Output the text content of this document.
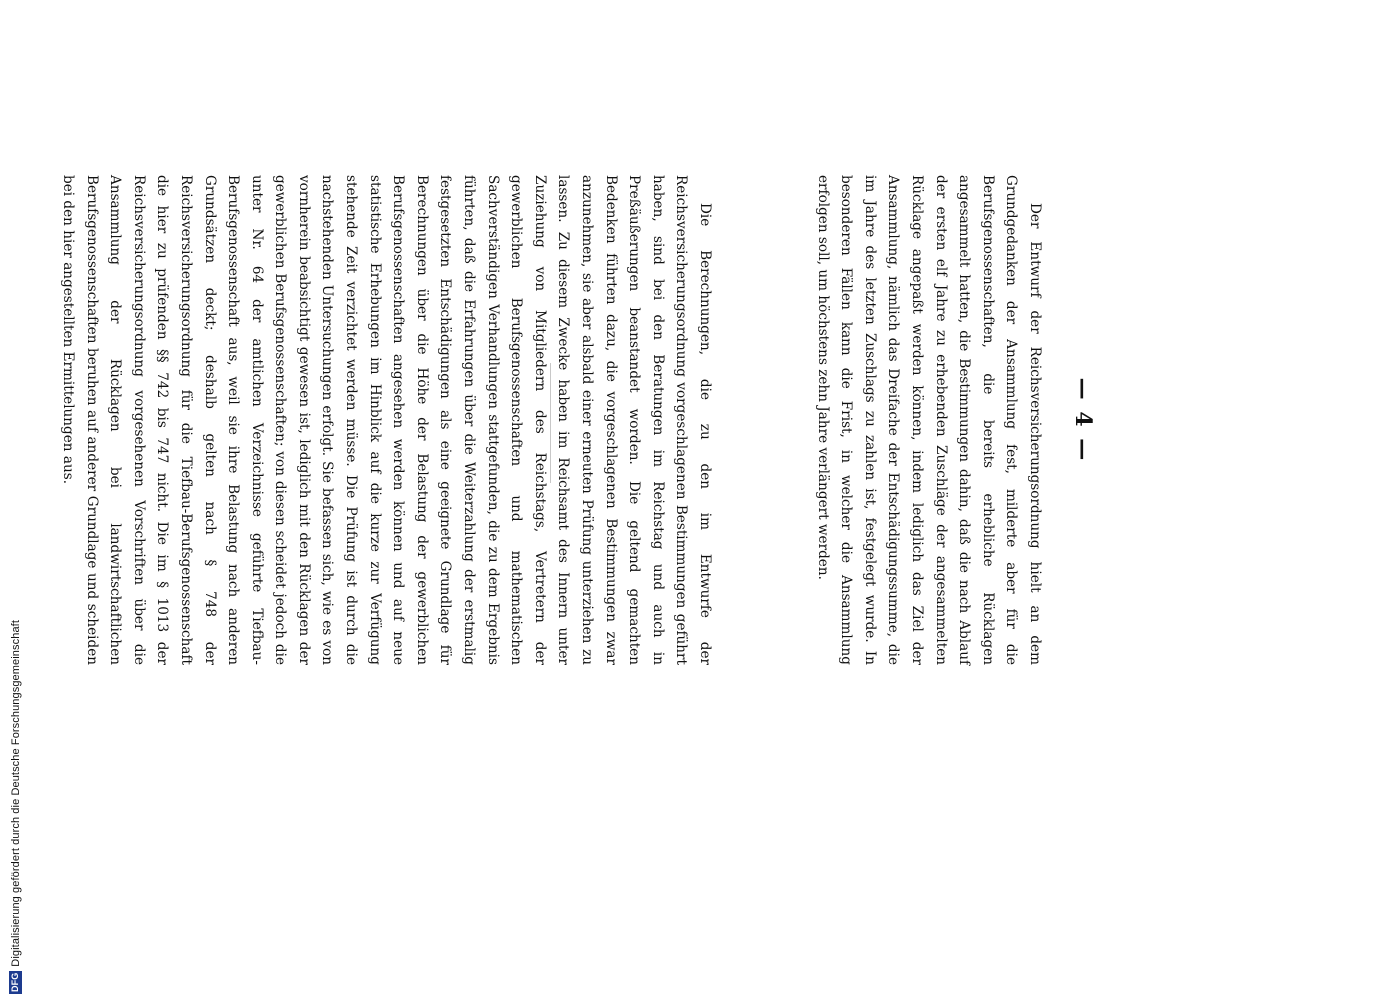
DFG
Digitalisierung gefördert durch die Deutsche Forschungsgemeinschaft
— 4 —
Der Entwurf der Reichsversicherungsordnung hielt an dem Grundgedanken der Ansammlung fest, milderte aber für die Berufsgenossenschaften, die bereits erhebliche Rücklagen angesammelt hatten, die Bestimmungen dahin, daß die nach Ablauf der ersten elf Jahre zu erhebenden Zuschläge der angesammelten Rücklage angepaßt werden können, indem lediglich das Ziel der Ansammlung, nämlich das Dreifache der Entschädigungssumme, die im Jahre des letzten Zuschlags zu zahlen ist, festgelegt wurde. In besonderen Fällen kann die Frist, in welcher die Ansammlung erfolgen soll, um höchstens zehn Jahre verlängert werden.
Die Berechnungen, die zu den im Entwurfe der Reichsversicherungsordnung vorgeschlagenen Bestimmungen geführt haben, sind bei den Beratungen im Reichstag und auch in Preßäußerungen beanstandet worden. Die geltend gemachten Bedenken führten dazu, die vorgeschlagenen Bestimmungen zwar anzunehmen, sie aber alsbald einer erneuten Prüfung unterziehen zu lassen. Zu diesem Zwecke haben im Reichsamt des Innern unter Zuziehung von Mitgliedern des Reichstags, Vertretern der gewerblichen Berufsgenossenschaften und mathematischen Sachverständigen Verhandlungen stattgefunden, die zu dem Ergebnis führten, daß die Erfahrungen über die Weiterzahlung der erstmalig festgesetzten Entschädigungen als eine geeignete Grundlage für Berechnungen über die Höhe der Belastung der gewerblichen Berufsgenossenschaften angesehen werden können und auf neue statistische Erhebungen im Hinblick auf die kurze zur Verfügung stehende Zeit verzichtet werden müsse. Die Prüfung ist durch die nachstehenden Untersuchungen erfolgt. Sie befassen sich, wie es von vornherein beabsichtigt gewesen ist, lediglich mit den Rücklagen der gewerblichen Berufsgenossenschaften; von diesen scheidet jedoch die unter Nr. 64 der amtlichen Verzeichnisse geführte Tiefbau-Berufsgenossenschaft aus, weil sie ihre Belastung nach anderen Grundsätzen deckt; deshalb gelten nach § 748 der Reichsversicherungsordnung für die Tiefbau-Berufsgenossenschaft die hier zu prüfenden §§ 742 bis 747 nicht. Die im § 1013 der Reichsversicherungsordnung vorgesehenen Vorschriften über die Ansammlung der Rücklagen bei landwirtschaftlichen Berufsgenossenschaften beruhen auf anderer Grundlage und scheiden bei den hier angestellten Ermittelungen aus.
